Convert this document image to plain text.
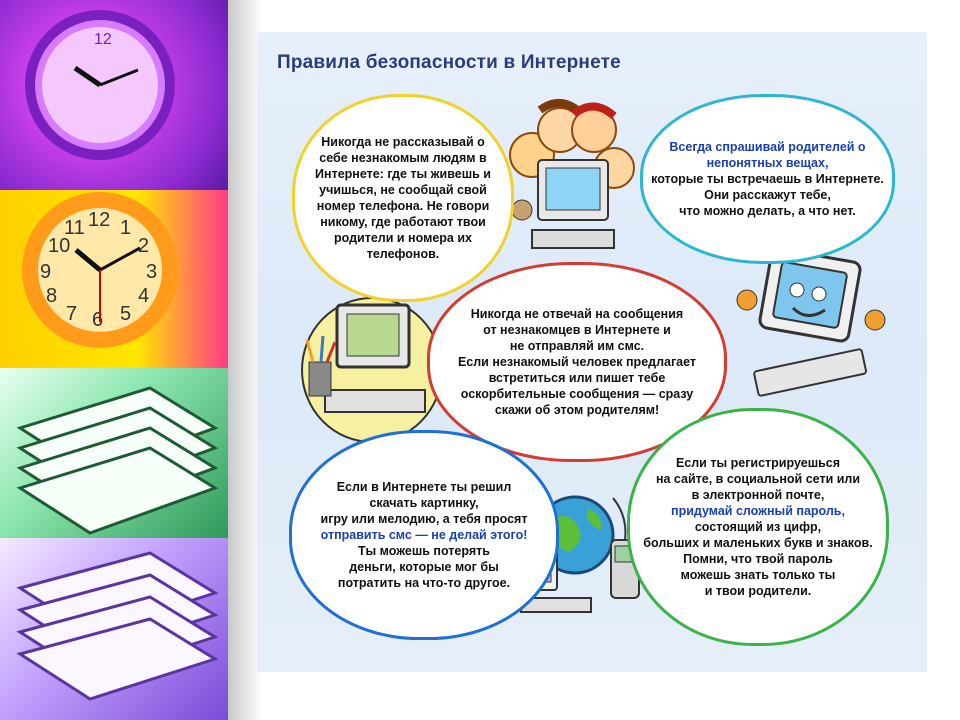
12
12
3
6
9
1
2
4
5
7
8
10
11
Правила безопасности в Интернете
Никогда не рассказывай о
себе незнакомым людям в
Интернете: где ты живешь и
учишься, не сообщай свой
номер телефона. Не говори
никому, где работают твои
родители и номера их
телефонов.
Всегда спрашивай родителей о
непонятных вещах,
которые ты встречаешь в Интернете.
Они расскажут тебе,
что можно делать, а что нет.
Никогда не отвечай на сообщения
от незнакомцев в Интернете и
не отправляй им смс.
Если незнакомый человек предлагает
встретиться или пишет тебе
оскорбительные сообщения — сразу
скажи об этом родителям!
Если в Интернете ты решил
скачать картинку,
игру или мелодию, а тебя просят
отправить смс — не делай этого!
Ты можешь потерять
деньги, которые мог бы
потратить на что-то другое.
Если ты регистрируешься
на сайте, в социальной сети или
в электронной почте,
придумай сложный пароль,
состоящий из цифр,
больших и маленьких букв и знаков.
Помни, что твой пароль
можешь знать только ты
и твои родители.
